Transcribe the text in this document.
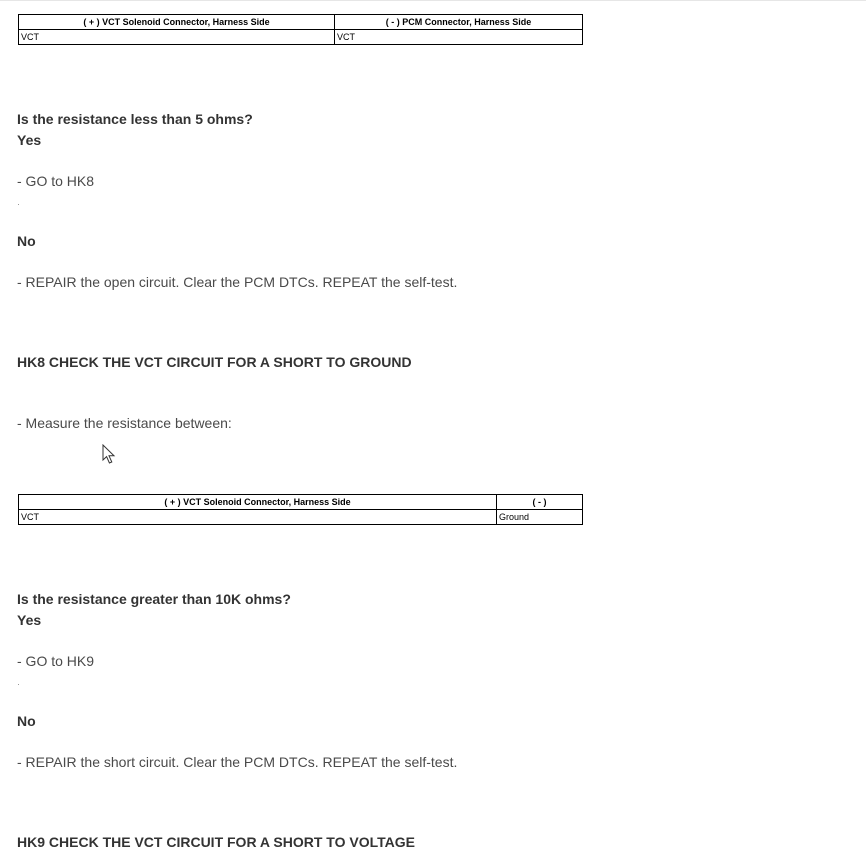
( + ) VCT Solenoid Connector, Harness Side	( - ) PCM Connector, Harness Side
VCT	VCT
Is the resistance less than 5 ohms?
Yes
- GO to HK8
·
No
- REPAIR the open circuit. Clear the PCM DTCs. REPEAT the self-test.
HK8 CHECK THE VCT CIRCUIT FOR A SHORT TO GROUND
- Measure the resistance between:
( + ) VCT Solenoid Connector, Harness Side	( - )
VCT	Ground
Is the resistance greater than 10K ohms?
Yes
- GO to HK9
·
No
- REPAIR the short circuit. Clear the PCM DTCs. REPEAT the self-test.
HK9 CHECK THE VCT CIRCUIT FOR A SHORT TO VOLTAGE
